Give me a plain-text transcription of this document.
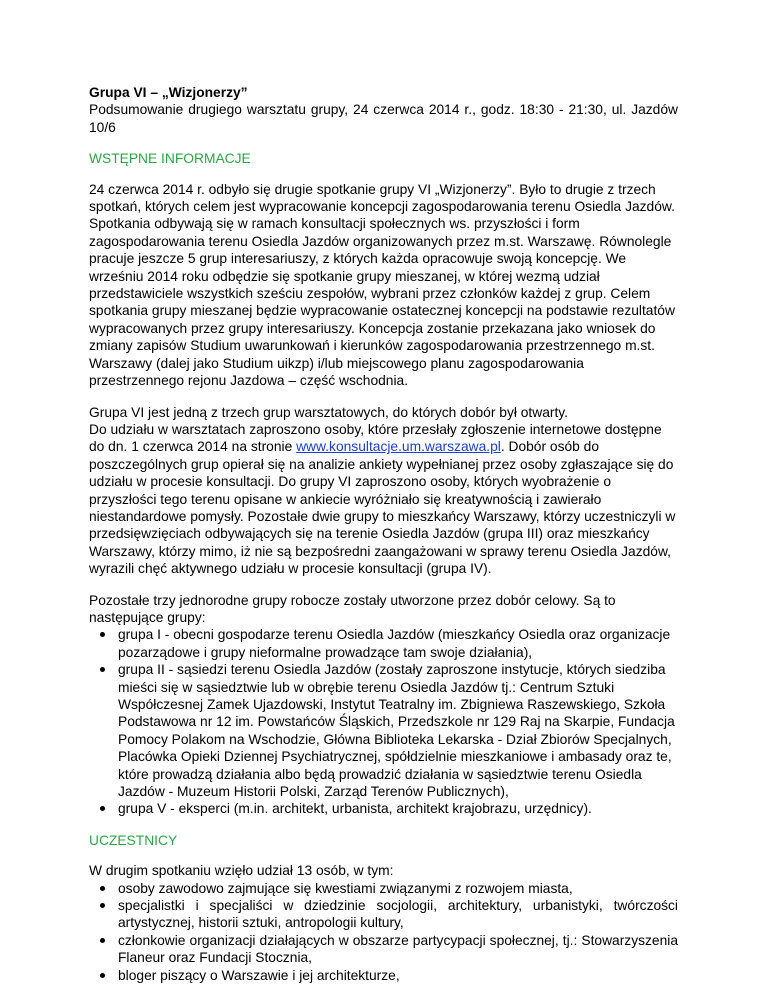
Grupa VI – „Wizjonerzy”

Podsumowanie drugiego warsztatu grupy, 24 czerwca 2014 r., godz. 18:30 - 21:30, ul. Jazdów 10/6

WSTĘPNE INFORMACJE

24 czerwca 2014 r. odbyło się drugie spotkanie grupy VI „Wizjonerzy”. Było to drugie z trzech spotkań, których celem jest wypracowanie koncepcji zagospodarowania terenu Osiedla Jazdów. Spotkania odbywają się w ramach konsultacji społecznych ws. przyszłości i form zagospodarowania terenu Osiedla Jazdów organizowanych przez m.st. Warszawę. Równolegle pracuje jeszcze 5 grup interesariuszy, z których każda opracowuje swoją koncepcję. We wrześniu 2014 roku odbędzie się spotkanie grupy mieszanej, w której wezmą udział przedstawiciele wszystkich sześciu zespołów, wybrani przez członków każdej z grup. Celem spotkania grupy mieszanej będzie wypracowanie ostatecznej koncepcji na podstawie rezultatów wypracowanych przez grupy interesariuszy. Koncepcja zostanie przekazana jako wniosek do zmiany zapisów Studium uwarunkowań i kierunków zagospodarowania przestrzennego m.st. Warszawy (dalej jako Studium uikzp) i/lub miejscowego planu zagospodarowania przestrzennego rejonu Jazdowa – część wschodnia.

Grupa VI jest jedną z trzech grup warsztatowych, do których dobór był otwarty.

Do udziału w warsztatach zaproszono osoby, które przesłały zgłoszenie internetowe dostępne do dn. 1 czerwca 2014 na stronie www.konsultacje.um.warszawa.pl. Dobór osób do poszczególnych grup opierał się na analizie ankiety wypełnianej przez osoby zgłaszające się do udziału w procesie konsultacji. Do grupy VI zaproszono osoby, których wyobrażenie o przyszłości tego terenu opisane w ankiecie wyróżniało się kreatywnością i zawierało niestandardowe pomysły. Pozostałe dwie grupy to mieszkańcy Warszawy, którzy uczestniczyli w przedsięwzięciach odbywających się na terenie Osiedla Jazdów (grupa III) oraz mieszkańcy Warszawy, którzy mimo, iż nie są bezpośredni zaangażowani w sprawy terenu Osiedla Jazdów, wyrazili chęć aktywnego udziału w procesie konsultacji (grupa IV).

Pozostałe trzy jednorodne grupy robocze zostały utworzone przez dobór celowy. Są to następujące grupy:

grupa I - obecni gospodarze terenu Osiedla Jazdów (mieszkańcy Osiedla oraz organizacje pozarządowe i grupy nieformalne prowadzące tam swoje działania),
grupa II - sąsiedzi terenu Osiedla Jazdów (zostały zaproszone instytucje, których siedziba mieści się w sąsiedztwie lub w obrębie terenu Osiedla Jazdów tj.: Centrum Sztuki Współczesnej Zamek Ujazdowski, Instytut Teatralny im. Zbigniewa Raszewskiego, Szkoła Podstawowa nr 12 im. Powstańców Śląskich, Przedszkole nr 129 Raj na Skarpie, Fundacja Pomocy Polakom na Wschodzie, Główna Biblioteka Lekarska - Dział Zbiorów Specjalnych, Placówka Opieki Dziennej Psychiatrycznej, spółdzielnie mieszkaniowe i ambasady oraz te, które prowadzą działania albo będą prowadzić działania w sąsiedztwie terenu Osiedla Jazdów - Muzeum Historii Polski, Zarząd Terenów Publicznych),
grupa V - eksperci (m.in. architekt, urbanista, architekt krajobrazu, urzędnicy).

UCZESTNICY

W drugim spotkaniu wzięło udział 13 osób, w tym:

osoby zawodowo zajmujące się kwestiami związanymi z rozwojem miasta,
specjalistki i specjaliści w dziedzinie socjologii, architektury, urbanistyki, twórczości artystycznej, historii sztuki, antropologii kultury,
członkowie organizacji działających w obszarze partycypacji społecznej, tj.: Stowarzyszenia Flaneur oraz Fundacji Stocznia,
bloger piszący o Warszawie i jej architekturze,
